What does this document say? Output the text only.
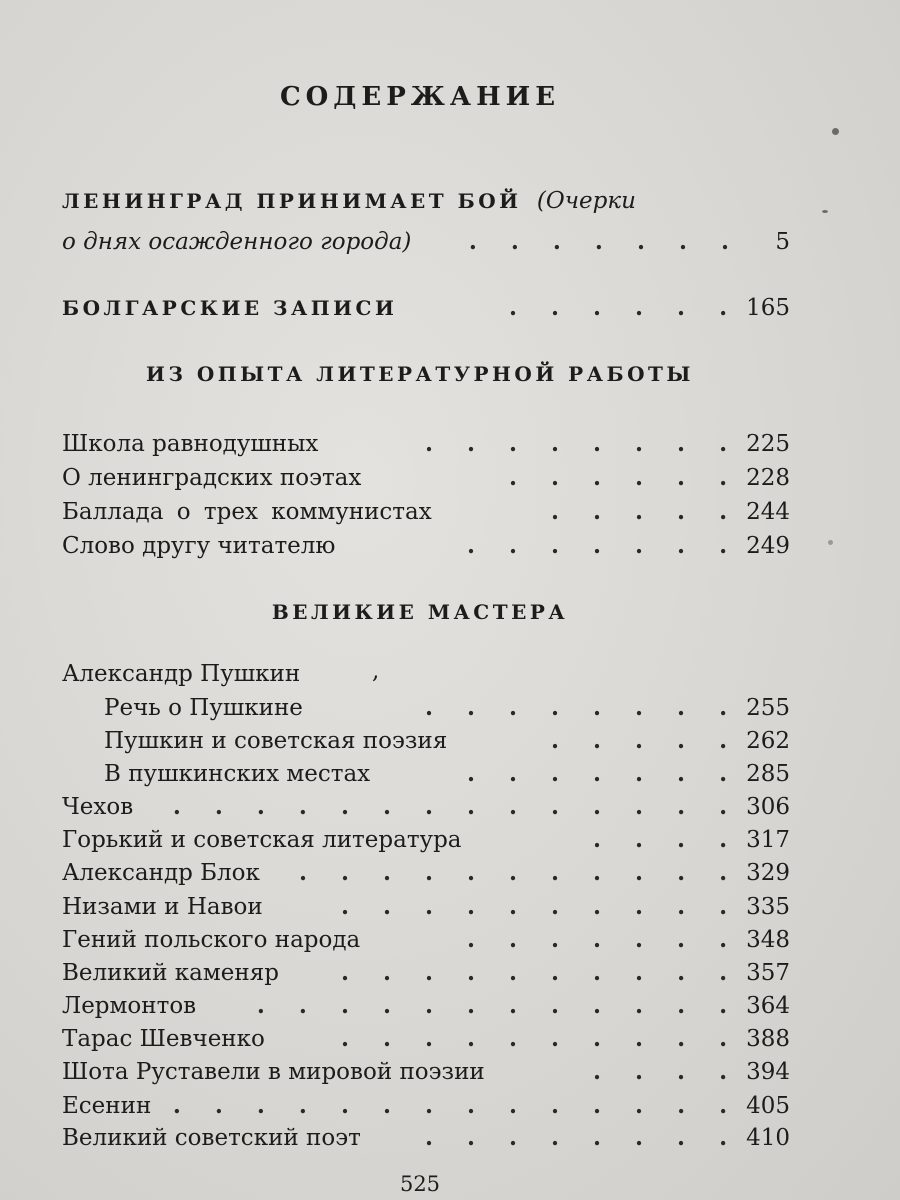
СОДЕРЖАНИЕ
ЛЕНИНГРАД ПРИНИМАЕТ БОЙ (Очерки
о днях осажденного города)	. . . . . . .	5
БОЛГАРСКИЕ ЗАПИСИ	. . . . . . 165
ИЗ ОПЫТА ЛИТЕРАТУРНОЙ РАБОТЫ
Школа равнодушных	. . . . . . . . 225
О ленинградских поэтах	. . . . . . 228
Баллада о трех коммунистах	. . . . . 244
Слово другу читателю	. . . . . . . 249
ВЕЛИКИЕ МАСТЕРА
Александр Пушкин	,
Речь о Пушкине	. . . . . . . . 255
Пушкин и советская поэзия	. . . . . 262
В пушкинских местах	. . . . . . . 285
Чехов	. . . . . . . . . . . . . . 306
Горький и советская литература	. . . . 317
Александр Блок	. . . . . . . . . . . 329
Низами и Навои	. . . . . . . . . . 335
Гений польского народа	. . . . . . . 348
Великий каменяр	. . . . . . . . . . 357
Лермонтов	. . . . . . . . . . . . 364
Тарас Шевченко	. . . . . . . . . . 388
Шота Руставели в мировой поэзии	. . . . 394
Есенин . . . . . . . . . . . . . . 405
Великий советский поэт	. . . . . . . . 410
525
